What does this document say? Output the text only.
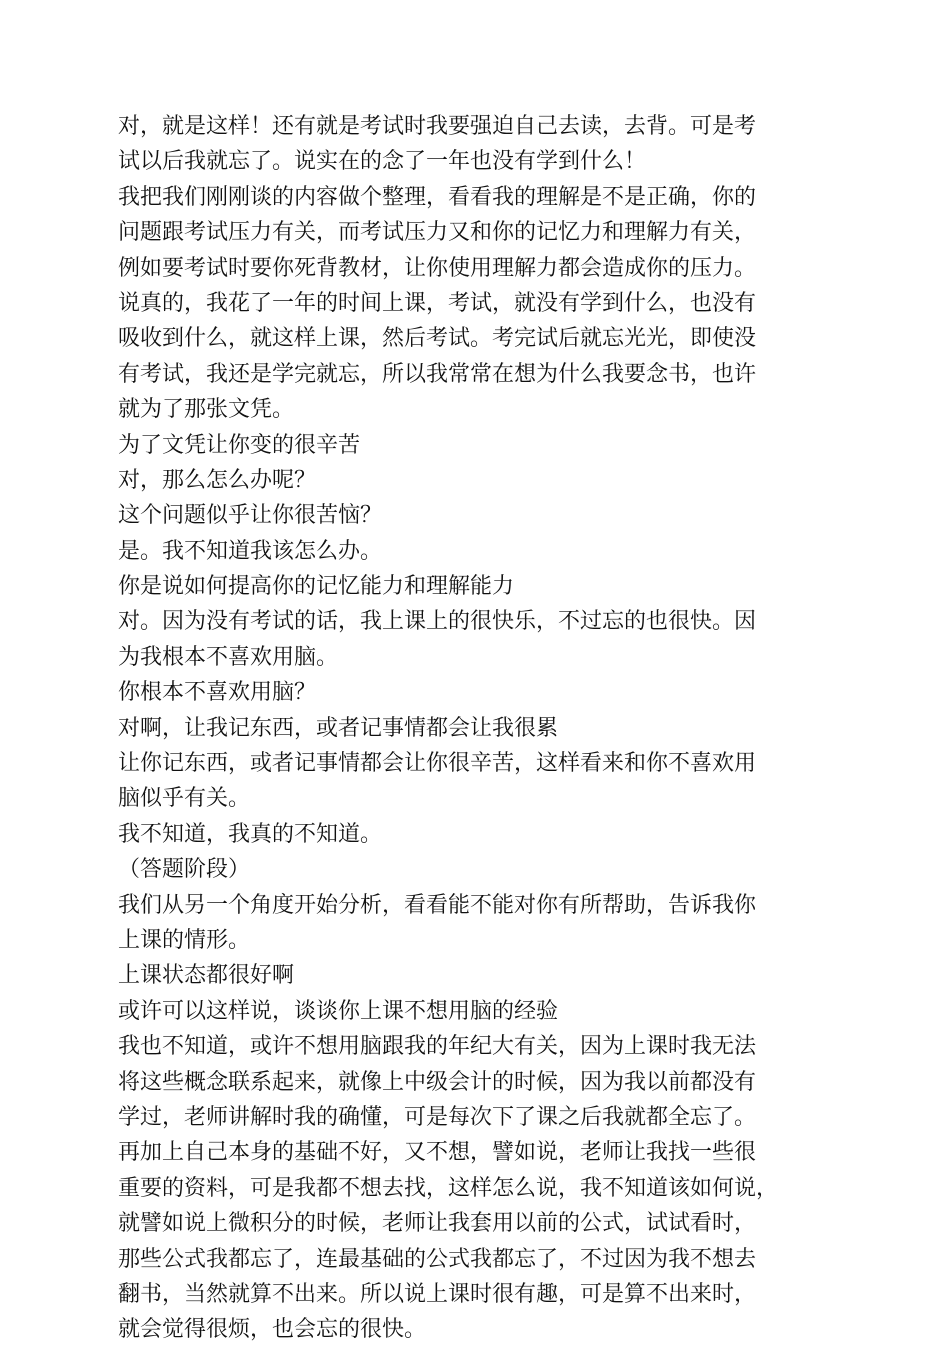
对，就是这样！还有就是考试时我要强迫自己去读，去背。可是考
试以后我就忘了。说实在的念了一年也没有学到什么！
我把我们刚刚谈的内容做个整理，看看我的理解是不是正确，你的
问题跟考试压力有关，而考试压力又和你的记忆力和理解力有关，
例如要考试时要你死背教材，让你使用理解力都会造成你的压力。
说真的，我花了一年的时间上课，考试，就没有学到什么，也没有
吸收到什么，就这样上课，然后考试。考完试后就忘光光，即使没
有考试，我还是学完就忘，所以我常常在想为什么我要念书，也许
就为了那张文凭。
为了文凭让你变的很辛苦
对，那么怎么办呢？
这个问题似乎让你很苦恼？
是。我不知道我该怎么办。
你是说如何提高你的记忆能力和理解能力
对。因为没有考试的话，我上课上的很快乐，不过忘的也很快。因
为我根本不喜欢用脑。
你根本不喜欢用脑？
对啊，让我记东西，或者记事情都会让我很累
让你记东西，或者记事情都会让你很辛苦，这样看来和你不喜欢用
脑似乎有关。
我不知道，我真的不知道。
（答题阶段）
我们从另一个角度开始分析，看看能不能对你有所帮助，告诉我你
上课的情形。
上课状态都很好啊
或许可以这样说，谈谈你上课不想用脑的经验
我也不知道，或许不想用脑跟我的年纪大有关，因为上课时我无法
将这些概念联系起来，就像上中级会计的时候，因为我以前都没有
学过，老师讲解时我的确懂，可是每次下了课之后我就都全忘了。
再加上自己本身的基础不好，又不想，譬如说，老师让我找一些很
重要的资料，可是我都不想去找，这样怎么说，我不知道该如何说，
就譬如说上微积分的时候，老师让我套用以前的公式，试试看时，
那些公式我都忘了，连最基础的公式我都忘了，不过因为我不想去
翻书，当然就算不出来。所以说上课时很有趣，可是算不出来时，
就会觉得很烦，也会忘的很快。
